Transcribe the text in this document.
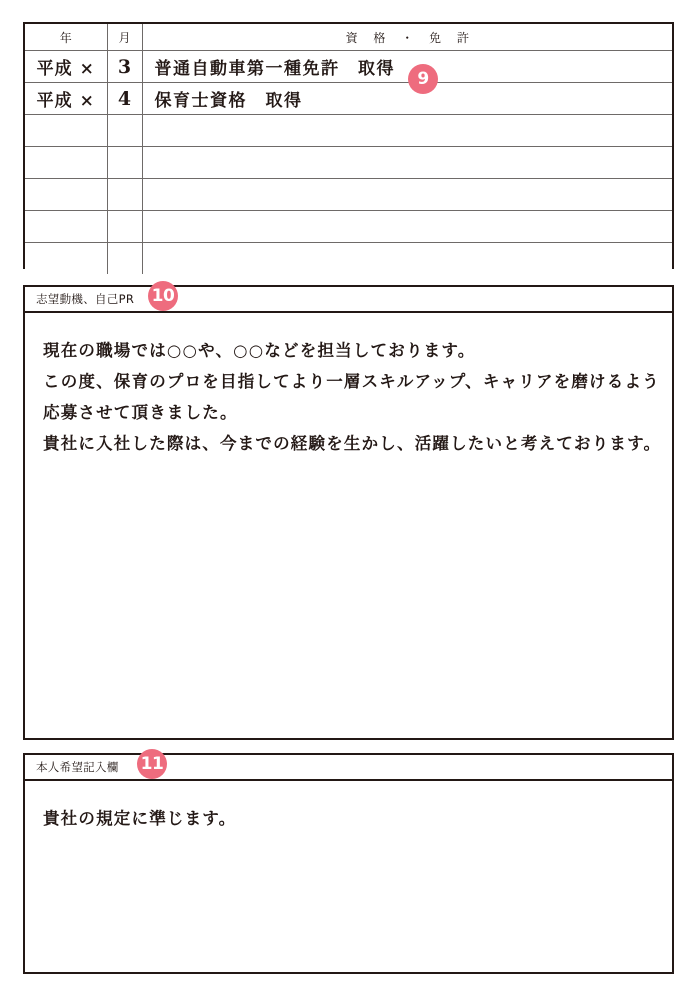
年	月	資 格 ・ 免 許
平成 ×	3	普通自動車第一種免許　取得
平成 ×	4	保育士資格　取得

志望動機、自己PR
現在の職場では○○や、○○などを担当しております。
この度、保育のプロを目指してより一層スキルアップ、キャリアを磨けるよう
応募させて頂きました。
貴社に入社した際は、今までの経験を生かし、活躍したいと考えております。
本人希望記入欄
貴社の規定に準じます。
9
10
11
